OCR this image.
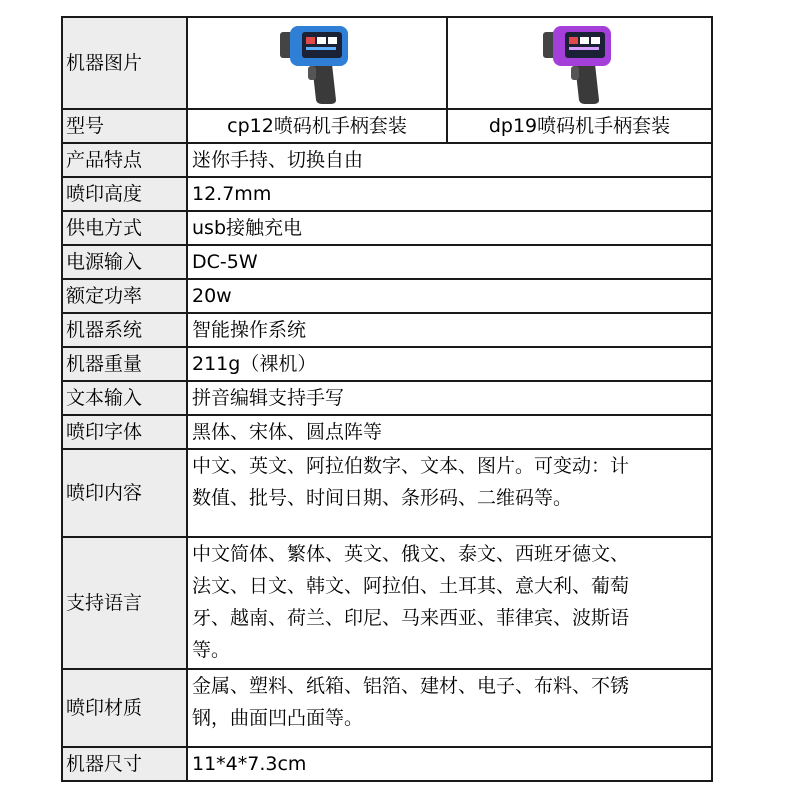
机器图片		
型号	cp12喷码机手柄套装	dp19喷码机手柄套装
产品特点	迷你手持、切换自由	
喷印高度	12.7mm	
供电方式	usb接触充电	
电源输入	DC-5W	
额定功率	20w	
机器系统	智能操作系统	
机器重量	211g（裸机）	
文本输入	拼音编辑支持手写	
喷印字体	黑体、宋体、圆点阵等	
喷印内容	中文、英文、阿拉伯数字、文本、图片。可变动：计
数值、批号、时间日期、条形码、二维码等。	

支持语言	中文简体、繁体、英文、俄文、泰文、西班牙德文、
法文、日文、韩文、阿拉伯、土耳其、意大利、葡萄
牙、越南、荷兰、印尼、马来西亚、菲律宾、波斯语
等。	

喷印材质	金属、塑料、纸箱、铝箔、建材、电子、布料、不锈
钢，曲面凹凸面等。	

机器尺寸	11*4*7.3cm	
